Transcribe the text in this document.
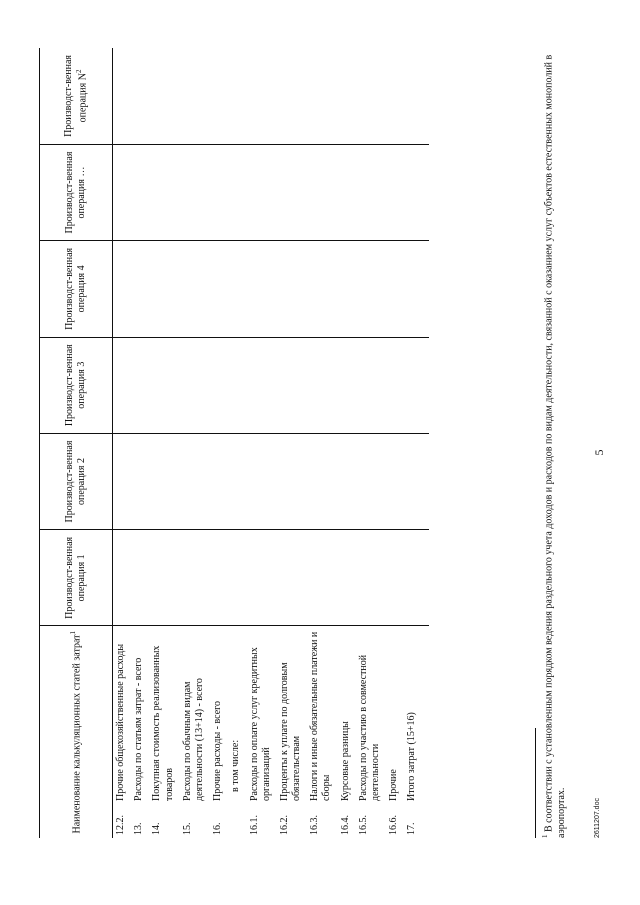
5
Наименование калькуляционных статей затрат$^1$		Производст-венная операция 1	Производст-венная операция 2	Производст-венная операция 3	Производст-венная операция 4	Производст-венная операция …	Производст-венная операция $N^2$
12.2.	Прочие общехозяйственные расходы						
13.	Расходы по статьям затрат - всего						
14.	Покупная стоимость реализованных товаров						
15.	Расходы по обычным видам деятельности (13+14) - всего						
16.	Прочие расходы - всего						
	в том числе:						
16.1.	Расходы по оплате услуг кредитных организаций						
16.2.	Проценты к уплате по долговым обязательствам						
16.3.	Налоги и иные обязательные платежи и сборы						
16.4.	Курсовые разницы						
16.5.	Расходы по участию в совместной деятельности						
16.6.	Прочие						
17.	Итого затрат (15+16)						
$^1$ В соответствии с установленным порядком ведения раздельного учета доходов и расходов по видам деятельности, связанной с оказанием услуг субъектов естественных монополий в аэропортах.	2611207.doc
